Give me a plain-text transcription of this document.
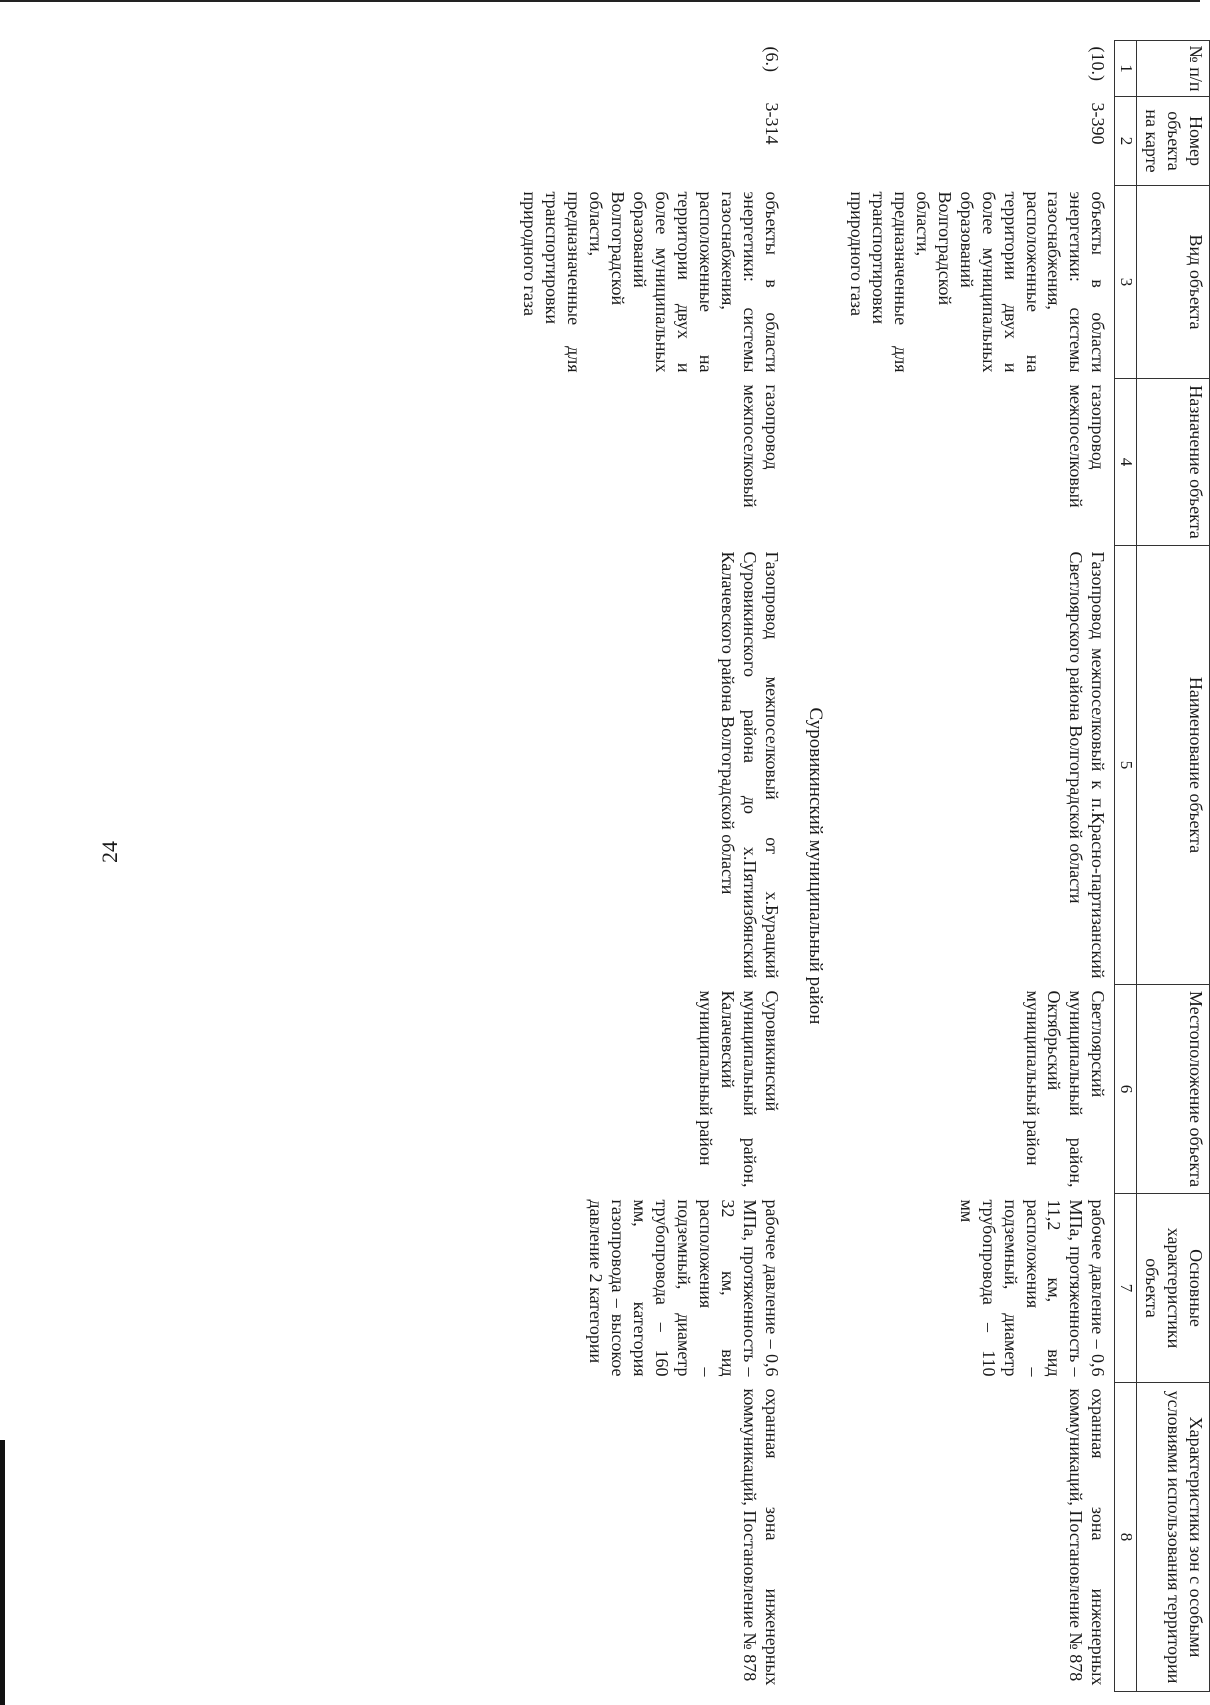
24
№ п/п	Номер объекта на карте	Вид объекта	Назначение объекта	Наименование объекта	Местоположение объекта	Основные характеристики объекта	Характеристики зон с особыми условиями использования территории
1	2	3	4	5	6	7	8
(10.)	3-390	объекты в области энергетики: системы газоснабжения, расположенные на территории двух и более муниципальных образований Волгоградской области, предназначенные для транспортировки природного газа	газопровод межпоселковый	Газопровод межпоселковый к п.Красно-партизанский Светлоярского района Волгоградской области	Светлоярский муниципальный район, Октябрьский муниципальный район	рабочее давление – 0,6 МПа, протяженность – 11,2 км, вид расположения – подземный, диаметр трубопровода – 110 мм	охранная зона инженерных коммуникаций, Постановление № 878
Суровикинский муниципальный район							
(6.)	3-314	объекты в области энергетики: системы газоснабжения, расположенные на территории двух и более муниципальных образований Волгоградской области, предназначенные для транспортировки природного газа	газопровод межпоселковый	Газопровод межпоселковый от х.Бурацкий Суровикинского района до х.Пятиизбянский Калачевского района Волгоградской области	Суровикинский муниципальный район, Калачевский муниципальный район	рабочее давление – 0,6 МПа, протяженность – 32 км, вид расположения – подземный, диаметр трубопровода – 160 мм, категория газопровода – высокое давление 2 категории	охранная зона инженерных коммуникаций, Постановление № 878
